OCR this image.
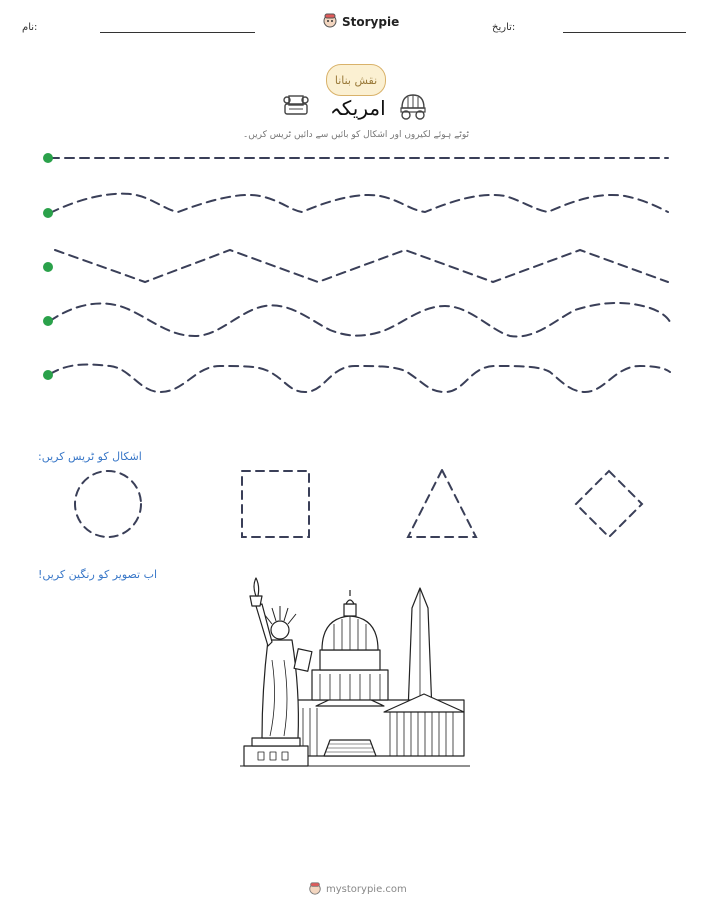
نام:	Storypie	تاریخ:
نقش بنانا
امریکہ
ٹوٹے ہوئے لکیروں اور اشکال کو بائیں سے دائیں ٹریس کریں۔
اشکال کو ٹریس کریں:
اب تصویر کو رنگین کریں!
mystorypie.com
